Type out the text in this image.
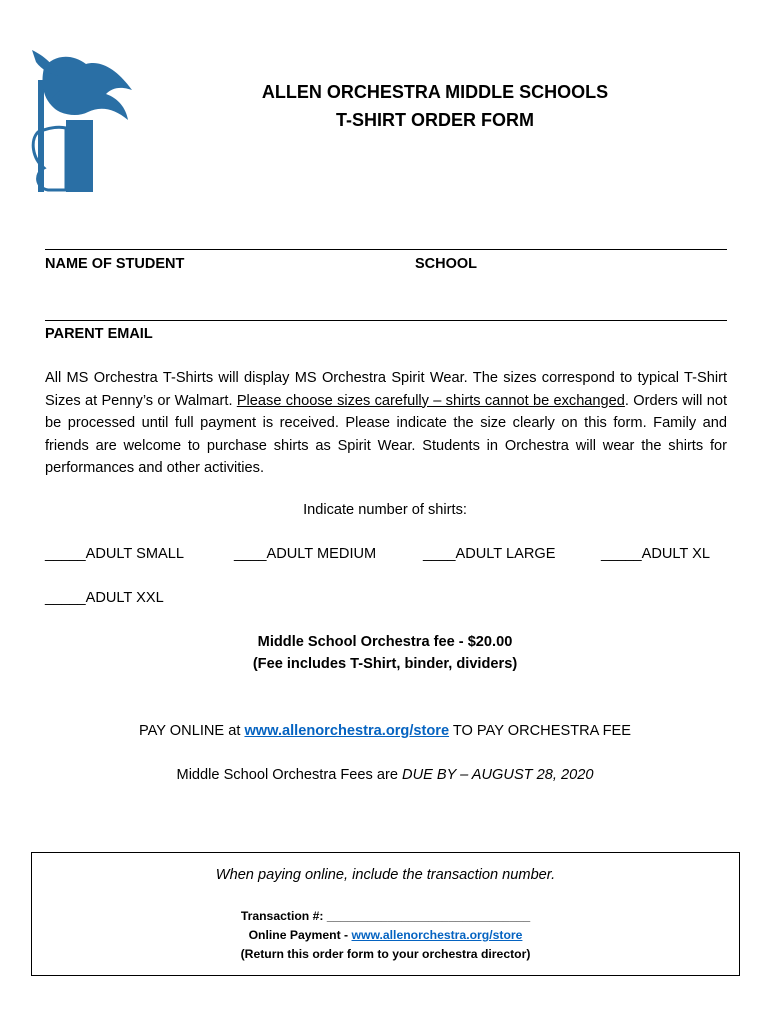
ALLEN ORCHESTRA MIDDLE SCHOOLS
T-SHIRT ORDER FORM
NAME OF STUDENT	SCHOOL
PARENT EMAIL
All MS Orchestra T-Shirts will display MS Orchestra Spirit Wear. The sizes correspond to typical T-Shirt Sizes at Penny’s or Walmart. Please choose sizes carefully – shirts cannot be exchanged. Orders will not be processed until full payment is received. Please indicate the size clearly on this form. Family and friends are welcome to purchase shirts as Spirit Wear. Students in Orchestra will wear the shirts for performances and other activities.
Indicate number of shirts:
_____ADULT SMALL	____ADULT MEDIUM	____ADULT LARGE	_____ADULT XL
_____ADULT XXL
Middle School Orchestra fee - $20.00
(Fee includes T-Shirt, binder, dividers)
PAY ONLINE at www.allenorchestra.org/store TO PAY ORCHESTRA FEE
Middle School Orchestra Fees are DUE BY – AUGUST 28, 2020
When paying online, include the transaction number.
Transaction #: ______________________________
Online Payment - www.allenorchestra.org/store
(Return this order form to your orchestra director)
